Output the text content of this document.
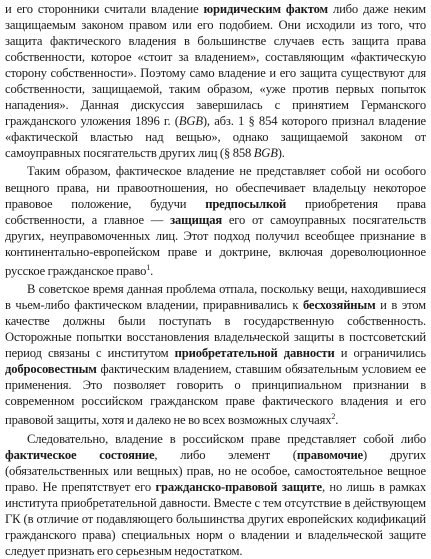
и его сторонники считали владение юридическим фактом либо даже неким защищаемым законом правом или его подобием. Они исходили из того, что защита фактического владения в большинстве случаев есть защита права собственности, которое «стоит за владением», составляющим «фактическую сторону собственности». Поэтому само владение и его защита существуют для собственности, защищаемой, таким образом, «уже против первых попыток нападения». Данная дискуссия завершилась с принятием Германского гражданского уложения 1896 г. (BGB), абз. 1 § 854 которого признал владение «фактической властью над вещью», однако защищаемой законом от самоуправных посягательств других лиц (§ 858 BGB).

Таким образом, фактическое владение не представляет собой ни особого вещного права, ни правоотношения, но обеспечивает владельцу некоторое правовое положение, будучи предпосылкой приобретения права собственности, а главное — защищая его от самоуправных посягательств других, неуправомоченных лиц. Этот подход получил всеобщее признание в континентально-европейском праве и доктрине, включая дореволюционное русское гражданское право$^1$.

В советское время данная проблема отпала, поскольку вещи, находившиеся в чьем-либо фактическом владении, приравнивались к бесхозяйным и в этом качестве должны были поступать в государственную собственность. Осторожные попытки восстановления владельческой защиты в постсоветский период связаны с институтом приобретательной давности и ограничились добросовестным фактическим владением, ставшим обязательным условием ее применения. Это позволяет говорить о принципиальном признании в современном российском гражданском праве фактического владения и его правовой защиты, хотя и далеко не во всех возможных случаях$^2$.

Следовательно, владение в российском праве представляет собой либо фактическое состояние, либо элемент (правомочие) других (обязательственных или вещных) прав, но не особое, самостоятельное вещное право. Не препятствует его гражданско-правовой защите, но лишь в рамках института приобретательной давности. Вместе с тем отсутствие в действующем ГК (в отличие от подавляющего большинства других европейских кодификаций гражданского права) специальных норм о владении и владельческой защите следует признать его серьезным недостатком.
